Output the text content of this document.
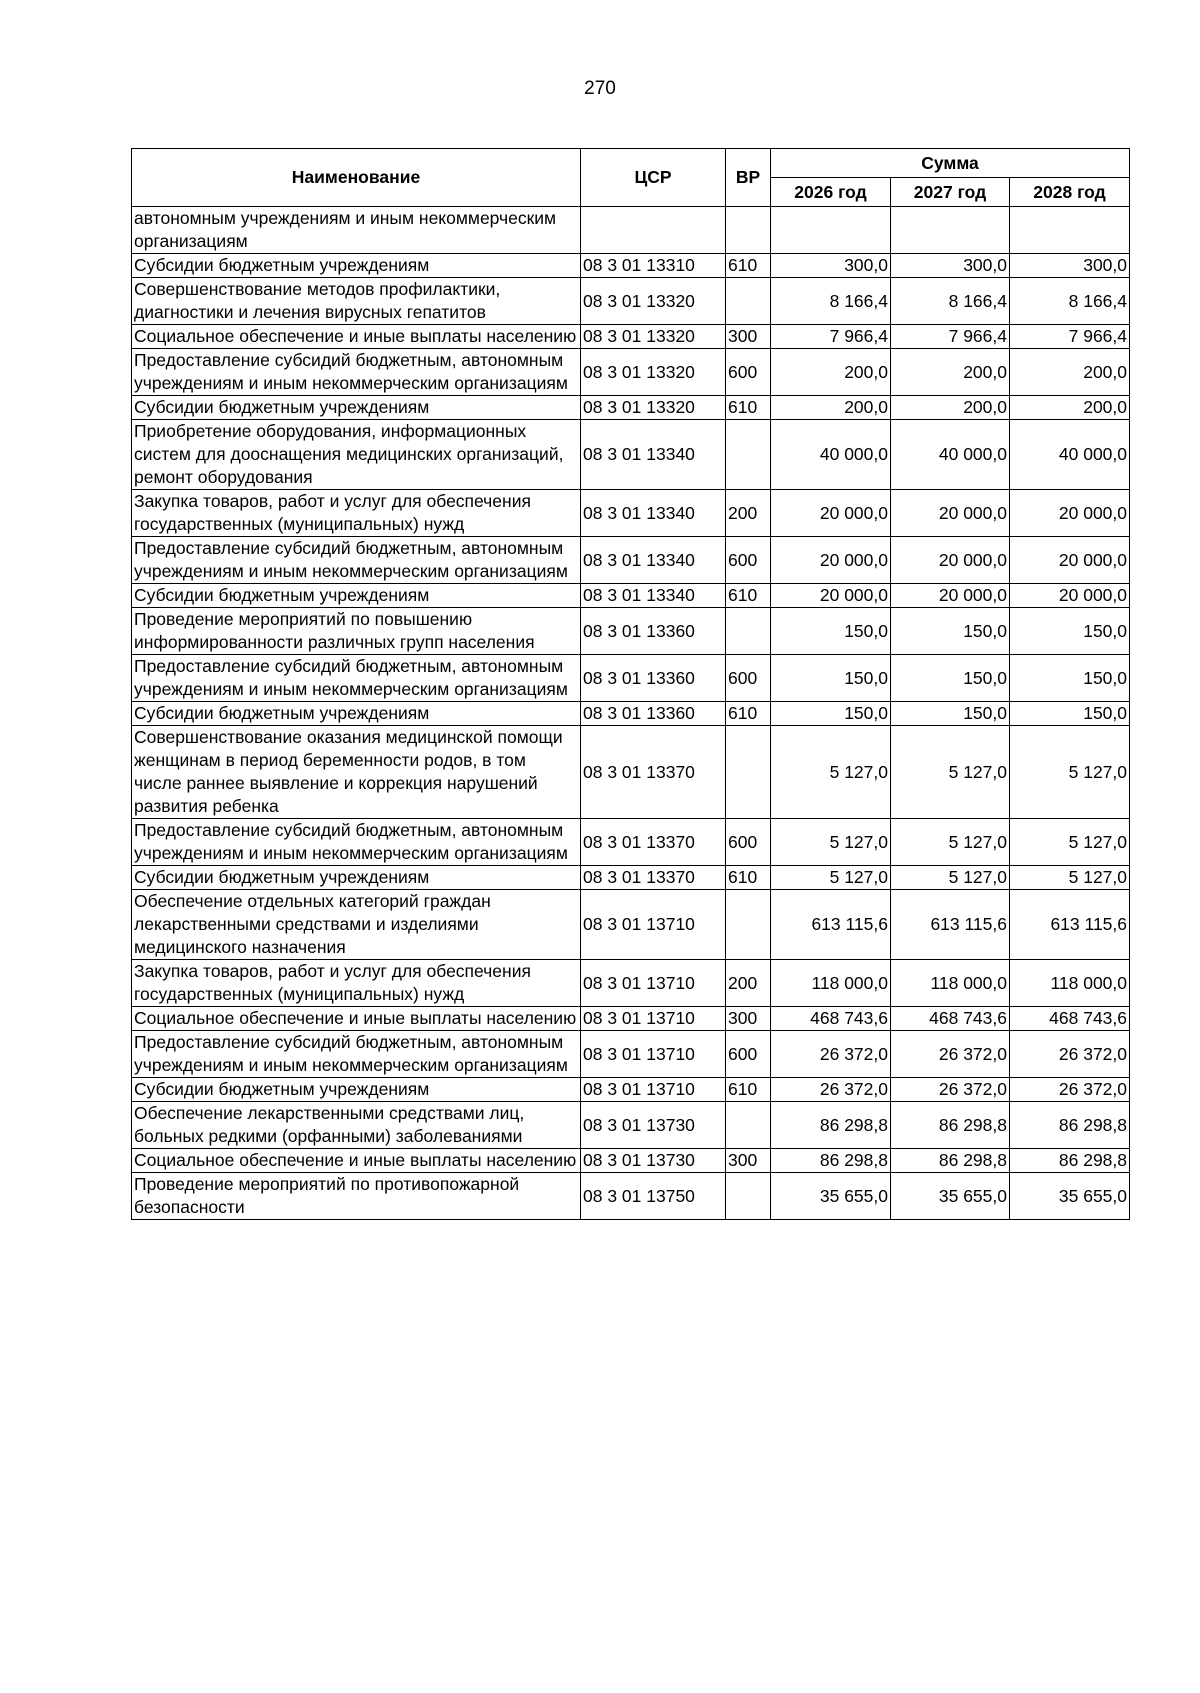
270
Наименование	ЦСР	ВР	Сумма		
			2026 год	2027 год	2028 год
автономным учреждениям и иным некоммерческим организациям					
Субсидии бюджетным учреждениям	08 3 01 13310	610	300,0	300,0	300,0
Совершенствование методов профилактики, диагностики и лечения вирусных гепатитов	08 3 01 13320		8 166,4	8 166,4	8 166,4
Социальное обеспечение и иные выплаты населению	08 3 01 13320	300	7 966,4	7 966,4	7 966,4
Предоставление субсидий бюджетным, автономным учреждениям и иным некоммерческим организациям	08 3 01 13320	600	200,0	200,0	200,0
Субсидии бюджетным учреждениям	08 3 01 13320	610	200,0	200,0	200,0
Приобретение оборудования, информационных систем для дооснащения медицинских организаций, ремонт оборудования	08 3 01 13340		40 000,0	40 000,0	40 000,0
Закупка товаров, работ и услуг для обеспечения государственных (муниципальных) нужд	08 3 01 13340	200	20 000,0	20 000,0	20 000,0
Предоставление субсидий бюджетным, автономным учреждениям и иным некоммерческим организациям	08 3 01 13340	600	20 000,0	20 000,0	20 000,0
Субсидии бюджетным учреждениям	08 3 01 13340	610	20 000,0	20 000,0	20 000,0
Проведение мероприятий по повышению информированности различных групп населения	08 3 01 13360		150,0	150,0	150,0
Предоставление субсидий бюджетным, автономным учреждениям и иным некоммерческим организациям	08 3 01 13360	600	150,0	150,0	150,0
Субсидии бюджетным учреждениям	08 3 01 13360	610	150,0	150,0	150,0
Совершенствование оказания медицинской помощи женщинам в период беременности родов, в том числе раннее выявление и коррекция нарушений развития ребенка	08 3 01 13370		5 127,0	5 127,0	5 127,0
Предоставление субсидий бюджетным, автономным учреждениям и иным некоммерческим организациям	08 3 01 13370	600	5 127,0	5 127,0	5 127,0
Субсидии бюджетным учреждениям	08 3 01 13370	610	5 127,0	5 127,0	5 127,0
Обеспечение отдельных категорий граждан лекарственными средствами и изделиями медицинского назначения	08 3 01 13710		613 115,6	613 115,6	613 115,6
Закупка товаров, работ и услуг для обеспечения государственных (муниципальных) нужд	08 3 01 13710	200	118 000,0	118 000,0	118 000,0
Социальное обеспечение и иные выплаты населению	08 3 01 13710	300	468 743,6	468 743,6	468 743,6
Предоставление субсидий бюджетным, автономным учреждениям и иным некоммерческим организациям	08 3 01 13710	600	26 372,0	26 372,0	26 372,0
Субсидии бюджетным учреждениям	08 3 01 13710	610	26 372,0	26 372,0	26 372,0
Обеспечение лекарственными средствами лиц, больных редкими (орфанными) заболеваниями	08 3 01 13730		86 298,8	86 298,8	86 298,8
Социальное обеспечение и иные выплаты населению	08 3 01 13730	300	86 298,8	86 298,8	86 298,8
Проведение мероприятий по противопожарной безопасности	08 3 01 13750		35 655,0	35 655,0	35 655,0
